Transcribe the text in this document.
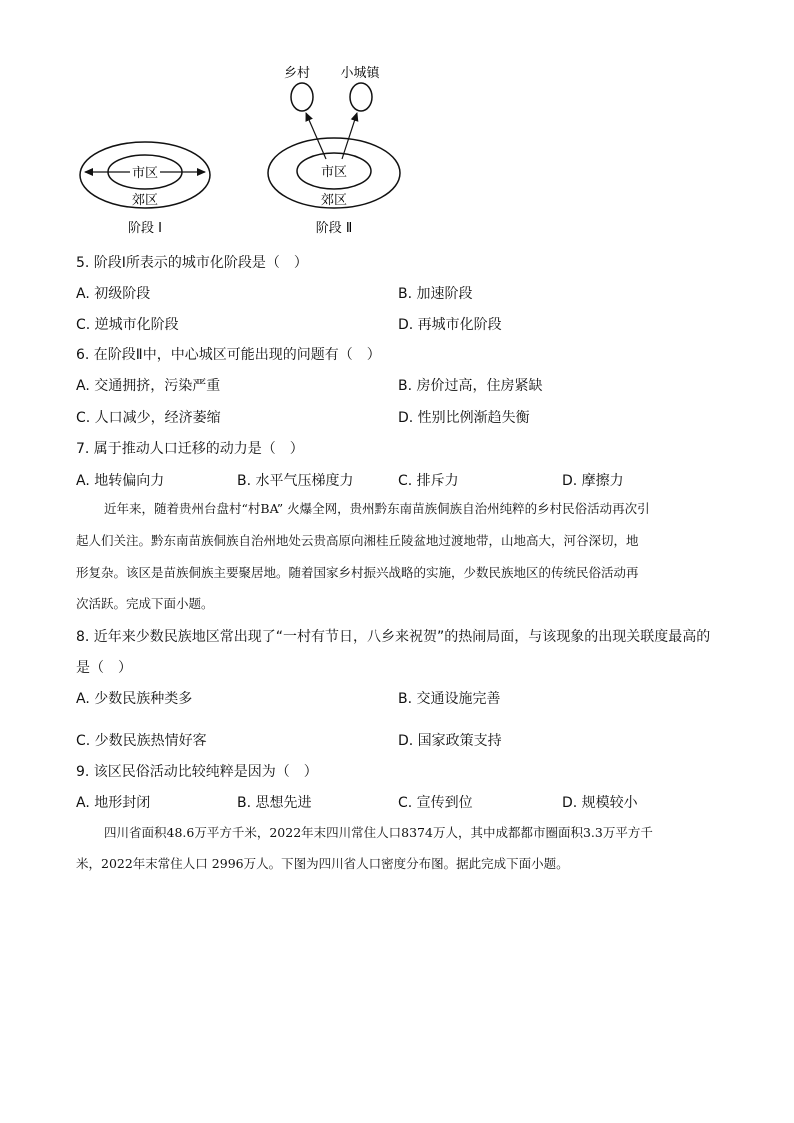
市区
郊区
阶段 Ⅰ
乡村 小城镇
市区
郊区
阶段 Ⅱ
5. 阶段Ⅰ所表示的城市化阶段是（　）
A. 初级阶段	B. 加速阶段
C. 逆城市化阶段	D. 再城市化阶段
6. 在阶段Ⅱ中，中心城区可能出现的问题有（　）
A. 交通拥挤，污染严重	B. 房价过高，住房紧缺
C. 人口减少，经济萎缩	D. 性别比例渐趋失衡
7. 属于推动人口迁移的动力是（　）
A. 地转偏向力	B. 水平气压梯度力	C. 排斥力	D. 摩擦力
近年来，随着贵州台盘村“村BA” 火爆全网，贵州黔东南苗族侗族自治州纯粹的乡村民俗活动再次引
起人们关注。黔东南苗族侗族自治州地处云贵高原向湘桂丘陵盆地过渡地带，山地高大，河谷深切，地
形复杂。该区是苗族侗族主要聚居地。随着国家乡村振兴战略的实施，少数民族地区的传统民俗活动再
次活跃。完成下面小题。
8. 近年来少数民族地区常出现了“一村有节日，八乡来祝贺”的热闹局面，与该现象的出现关联度最高的
是（　）
A. 少数民族种类多	B. 交通设施完善
C. 少数民族热情好客	D. 国家政策支持
9. 该区民俗活动比较纯粹是因为（　）
A. 地形封闭	B. 思想先进	C. 宣传到位	D. 规模较小
四川省面积48.6万平方千米，2022年末四川常住人口8374万人，其中成都都市圈面积3.3万平方千
米，2022年末常住人口 2996万人。下图为四川省人口密度分布图。据此完成下面小题。
